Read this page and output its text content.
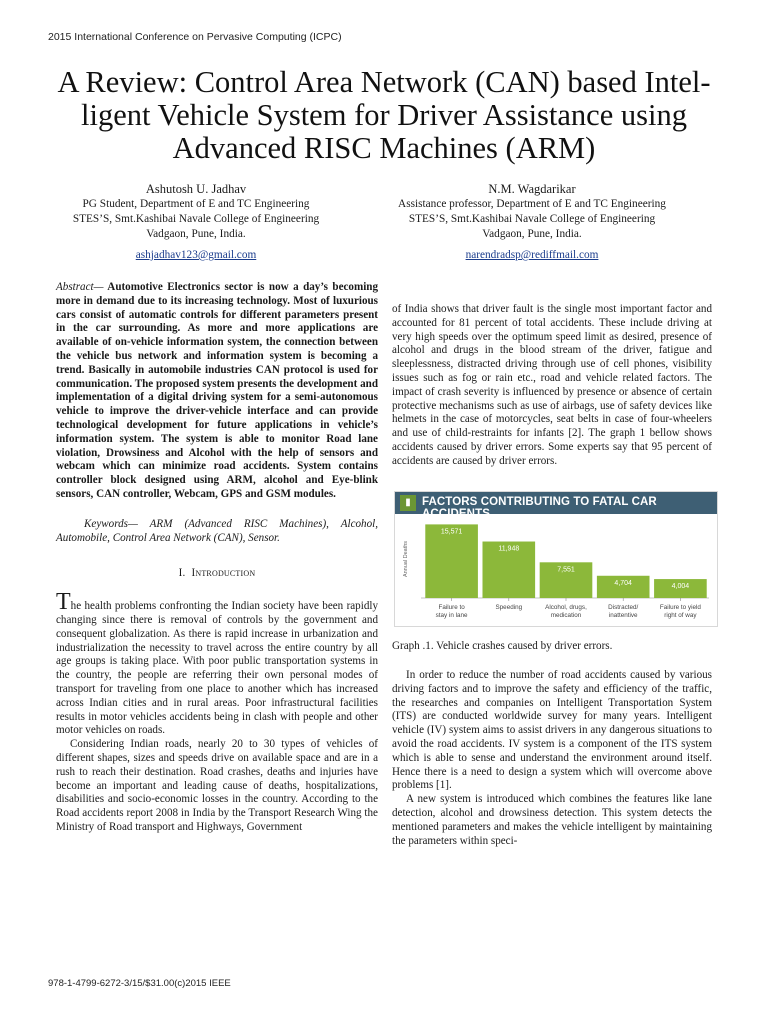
2015 International Conference on Pervasive Computing (ICPC)
A Review: Control Area Network (CAN) based Intel-
ligent Vehicle System for Driver Assistance using
Advanced RISC Machines (ARM)
Ashutosh U. Jadhav
PG Student, Department of E and TC Engineering
STES’S, Smt.Kashibai Navale College of Engineering
Vadgaon, Pune, India.
ashjadhav123@gmail.com
N.M. Wagdarikar
Assistance professor, Department of E and TC Engineering
STES’S, Smt.Kashibai Navale College of Engineering
Vadgaon, Pune, India.
narendradsp@rediffmail.com

Abstract— Automotive Electronics sector is now a day’s becoming more in demand due to its increasing technology. Most of luxurious cars consist of automatic controls for different parameters present in the car surrounding. As more and more applications are available of on-vehicle information system, the connection between the vehicle bus network and information system is becoming a trend. Basically in automobile industries CAN protocol is used for communication. The proposed system presents the development and implementation of a digital driving system for a semi-autonomous vehicle to improve the driver-vehicle interface and can provide technological development for future applications in vehicle’s information system. The system is able to monitor Road lane violation, Drowsiness and Alcohol with the help of sensors and webcam which can minimize road accidents. System contains controller block designed using ARM, alcohol and Eye-blink sensors, CAN controller, Webcam, GPS and GSM modules.

Keywords— ARM (Advanced RISC Machines), Alcohol, Automobile, Control Area Network (CAN), Sensor.

I. Introduction

The health problems confronting the Indian society have been rapidly changing since there is removal of controls by the government and consequent globalization. As there is rapid increase in urbanization and industrialization the necessity to travel across the entire country by all age groups is taking place. With poor public transportation systems in the country, the people are referring their own personal modes of transport for traveling from one place to another which has increased across Indian cities and in rural areas. Poor infrastructural facilities results in motor vehicles accidents being in clash with people and other motor vehicles on roads.

Considering Indian roads, nearly 20 to 30 types of vehicles of different shapes, sizes and speeds drive on available space and are in a rush to reach their destination. Road crashes, deaths and injuries have become an important and leading cause of deaths, hospitalizations, disabilities and socio-economic losses in the country. According to the Road accidents report 2008 in India by the Transport Research Wing the Ministry of Road transport and Highways, Government

of India shows that driver fault is the single most important factor and accounted for 81 percent of total accidents. These include driving at very high speeds over the optimum speed limit as desired, presence of alcohol and drugs in the blood stream of the driver, fatigue and sleeplessness, distracted driving through use of cell phones, visibility issues such as fog or rain etc., road and vehicle related factors. The impact of crash severity is influenced by presence or absence of certain protective mechanisms such as use of airbags, use of safety devices like helmets in the case of motorcycles, seat belts in case of four-wheelers and use of child-restraints for infants [2]. The graph 1 bellow shows accidents caused by driver errors. Some experts say that 95 percent of accidents are caused by driver errors.

▮ FACTORS CONTRIBUTING TO FATAL CAR
Annual Deaths
15,571
Failure to
stay in lane
11,948
Speeding
7,551
Alcohol, drugs,
medication
4,704
Distracted/
inattentive
4,004
Failure to yield
right of way
Graph .1. Vehicle crashes caused by driver errors.

In order to reduce the number of road accidents caused by various driving factors and to improve the safety and efficiency of the traffic, the researches and companies on Intelligent Transportation System (ITS) are conducted worldwide survey for many years. Intelligent vehicle (IV) system aims to assist drivers in any dangerous situations to avoid the road accidents. IV system is a component of the ITS system which is able to sense and understand the environment around itself. Hence there is a need to design a system which will overcome above problems [1].

A new system is introduced which combines the features like lane detection, alcohol and drowsiness detection. This system detects the mentioned parameters and makes the vehicle intelligent by maintaining the parameters within speci-

978-1-4799-6272-3/15/$31.00(c)2015 IEEE
